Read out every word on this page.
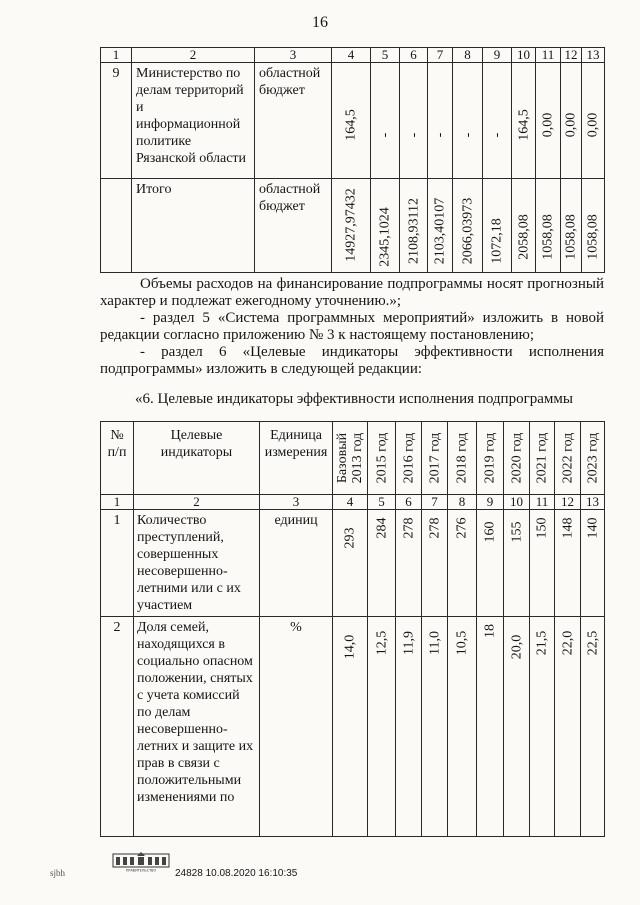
16
1	2	3	4	5	6	7	8	9	10	11	12	13
9	Министерство по делам территорий и информационной политике Рязанской области	областной бюджет	164,5	-	-	-	-	-	164,5	0,00	0,00	0,00

	Итого	областной бюджет	14927,97432	2345,1024	2108,93112	2103,40107	2066,03973	1072,18	2058,08	1058,08	1058,08	1058,08

Объемы расходов на финансирование подпрограммы носят прогнозный характер и подлежат ежегодному уточнению.»;

- раздел 5 «Система программных мероприятий» изложить в новой редакции согласно приложению № 3 к настоящему постановлению;

- раздел 6 «Целевые индикаторы эффективности исполнения подпрограммы» изложить в следующей редакции:

«6. Целевые индикаторы эффективности исполнения подпрограммы
№ п/п	Целевые индикаторы	Единица измерения	Базовый 2013 год	2015 год	2016 год	2017 год	2018 год	2019 год	2020 год	2021 год	2022 год	2023 год

1	2	3	4	5	6	7	8	9	10	11	12	13
1	Количество преступлений, совершенных несовершенно-летними или с их участием	единиц	293	284	278	278	276	160	155	150	148	140

2	Доля семей, находящихся в социально опасном положении, снятых с учета комиссий по делам несовершенно-летних и защите их прав в связи с положительными изменениями по	%	14,0	12,5	11,9	11,0	10,5	18	20,0	21,5	22,0	22,5
ПРАВИТЕЛЬСТВО
sjbh	24828 10.08.2020 16:10:35
